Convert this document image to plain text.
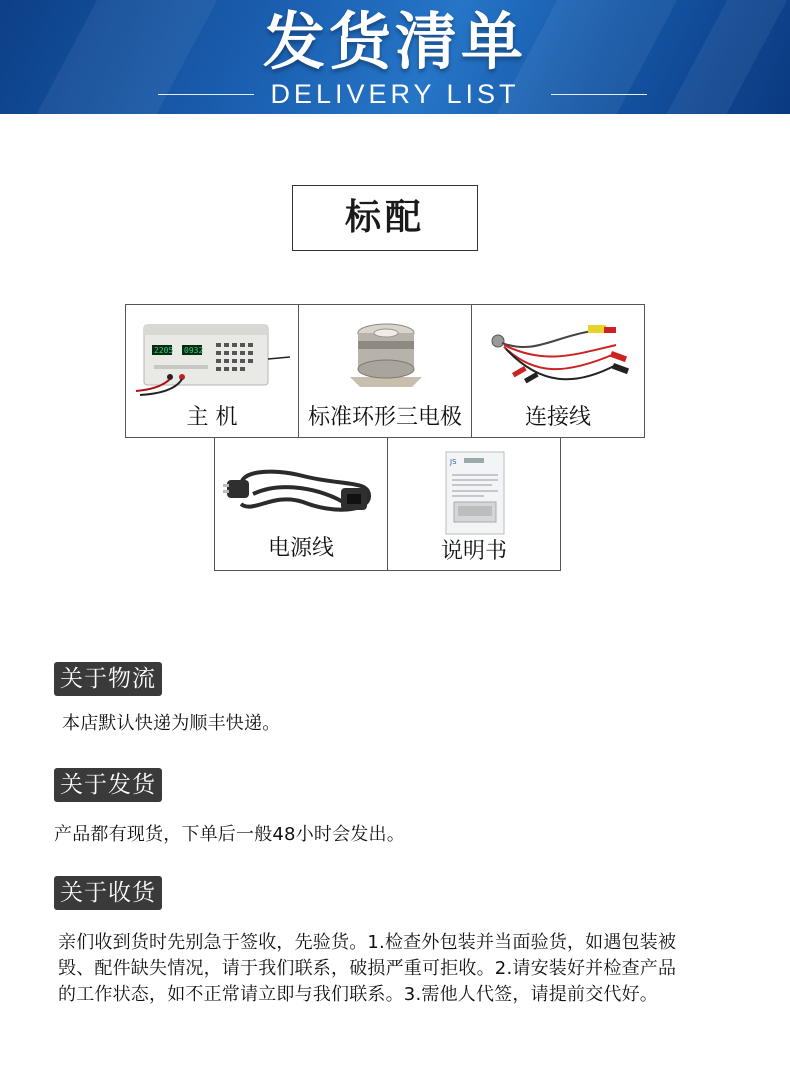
发货清单
DELIVERY LIST
标配
2205 0932
主 机	标准环形三电极	连接线
电源线
JS
说明书
关于物流
本店默认快递为顺丰快递。
关于发货
产品都有现货，下单后一般48小时会发出。
关于收货
亲们收到货时先别急于签收，先验货。1.检查外包装并当面验货，如遇包装被
毁、配件缺失情况，请于我们联系，破损严重可拒收。2.请安装好并检查产品
的工作状态，如不正常请立即与我们联系。3.需他人代签，请提前交代好。
